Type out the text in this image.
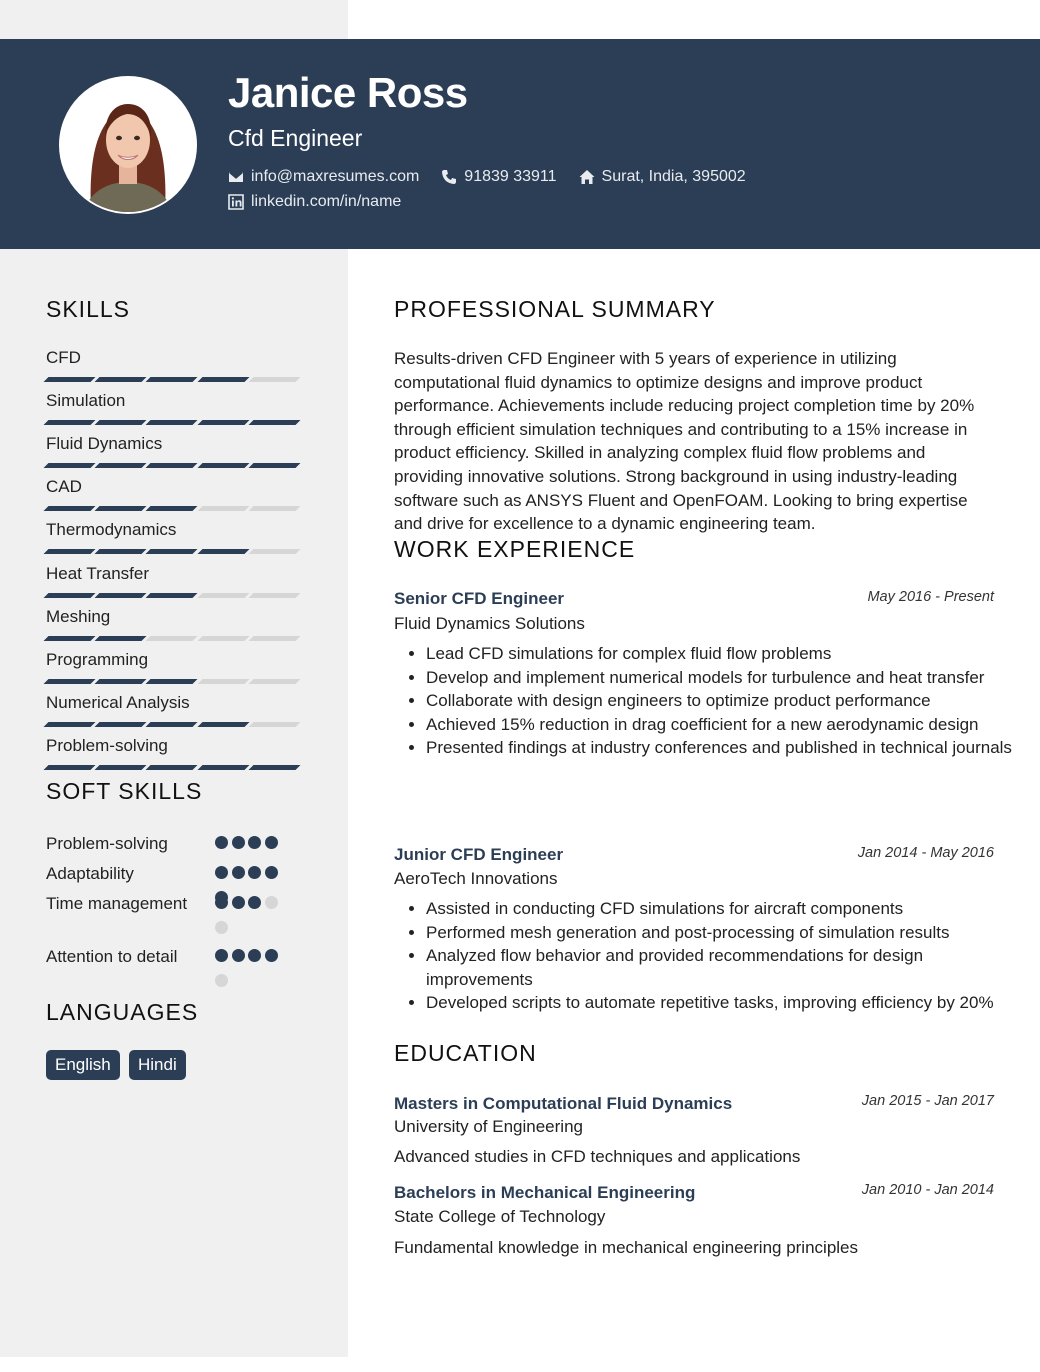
Janice Ross
Cfd Engineer
info@maxresumes.com	91839 33911	Surat, India, 395002
linkedin.com/in/name
SKILLS
CFD
Simulation
Fluid Dynamics
CAD
Thermodynamics
Heat Transfer
Meshing
Programming
Numerical Analysis
Problem-solving
SOFT SKILLS
Problem-solving
Adaptability
Time management
Attention to detail
LANGUAGES
English	Hindi
PROFESSIONAL SUMMARY
Results-driven CFD Engineer with 5 years of experience in utilizing computational fluid dynamics to optimize designs and improve product performance. Achievements include reducing project completion time by 20% through efficient simulation techniques and contributing to a 15% increase in product efficiency. Skilled in analyzing complex fluid flow problems and providing innovative solutions. Strong background in using industry-leading software such as ANSYS Fluent and OpenFOAM. Looking to bring expertise and drive for excellence to a dynamic engineering team.
WORK EXPERIENCE
Senior CFD Engineer	May 2016 - Present
Fluid Dynamics Solutions
• Lead CFD simulations for complex fluid flow problems
• Develop and implement numerical models for turbulence and heat transfer
• Collaborate with design engineers to optimize product performance
• Achieved 15% reduction in drag coefficient for a new aerodynamic design
• Presented findings at industry conferences and published in technical journals
Junior CFD Engineer	Jan 2014 - May 2016
AeroTech Innovations
• Assisted in conducting CFD simulations for aircraft components
• Performed mesh generation and post-processing of simulation results
• Analyzed flow behavior and provided recommendations for design improvements
• Developed scripts to automate repetitive tasks, improving efficiency by 20%
EDUCATION
Masters in Computational Fluid Dynamics	Jan 2015 - Jan 2017
University of Engineering
Advanced studies in CFD techniques and applications
Bachelors in Mechanical Engineering	Jan 2010 - Jan 2014
State College of Technology
Fundamental knowledge in mechanical engineering principles
